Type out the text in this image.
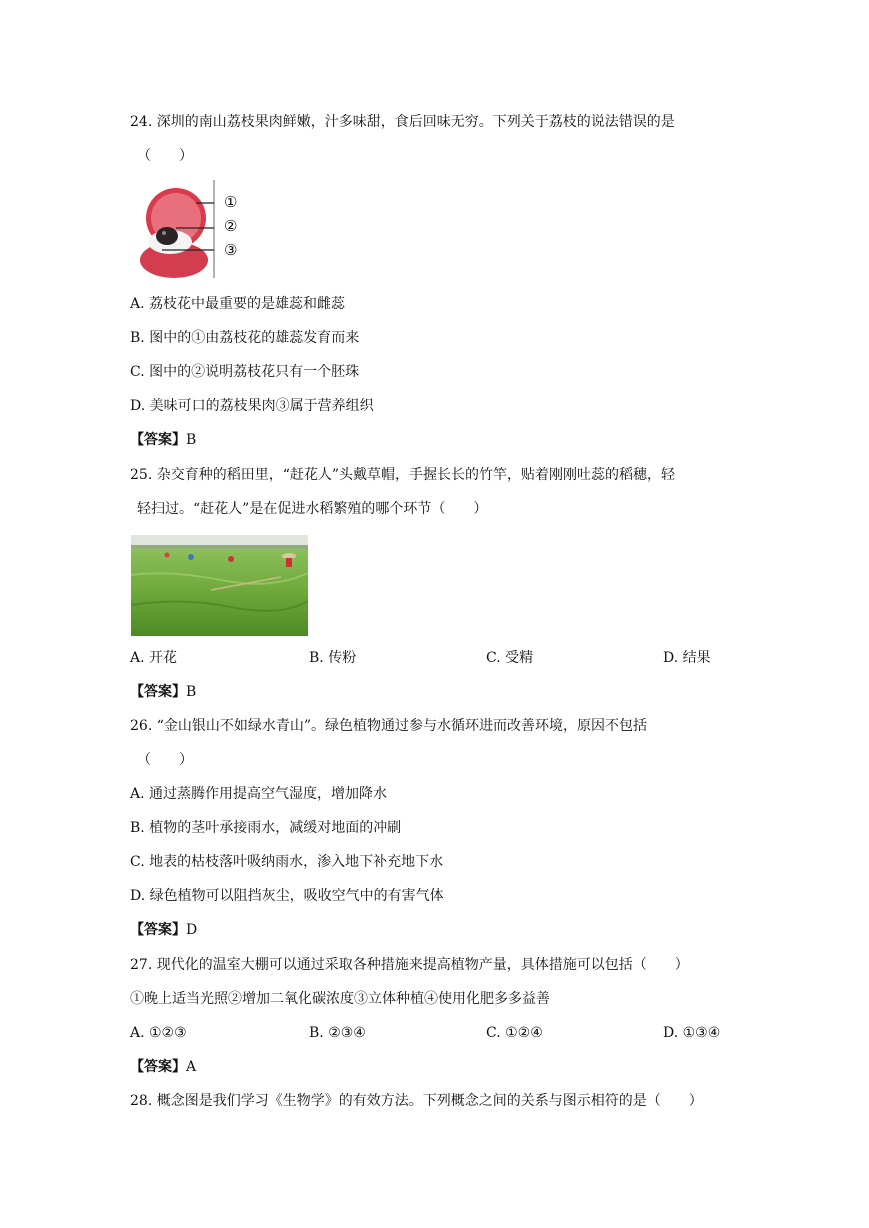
24. 深圳的南山荔枝果肉鲜嫩，汁多味甜，食后回味无穷。下列关于荔枝的说法错误的是
（　　）
①
②
③
A. 荔枝花中最重要的是雄蕊和雌蕊
B. 图中的①由荔枝花的雄蕊发育而来
C. 图中的②说明荔枝花只有一个胚珠
D. 美味可口的荔枝果肉③属于营养组织
【答案】B
25. 杂交育种的稻田里，“赶花人”头戴草帽，手握长长的竹竿，贴着刚刚吐蕊的稻穗，轻
轻扫过。“赶花人”是在促进水稻繁殖的哪个环节（　　）
A. 开花	B. 传粉	C. 受精	D. 结果
【答案】B
26. “金山银山不如绿水青山”。绿色植物通过参与水循环进而改善环境，原因不包括
（　　）
A. 通过蒸腾作用提高空气湿度，增加降水
B. 植物的茎叶承接雨水，减缓对地面的冲刷
C. 地表的枯枝落叶吸纳雨水，渗入地下补充地下水
D. 绿色植物可以阻挡灰尘，吸收空气中的有害气体
【答案】D
27. 现代化的温室大棚可以通过采取各种措施来提高植物产量，具体措施可以包括（　　）
①晚上适当光照②增加二氧化碳浓度③立体种植④使用化肥多多益善
A. ①②③	B. ②③④	C. ①②④	D. ①③④
【答案】A
28. 概念图是我们学习《生物学》的有效方法。下列概念之间的关系与图示相符的是（　　）
